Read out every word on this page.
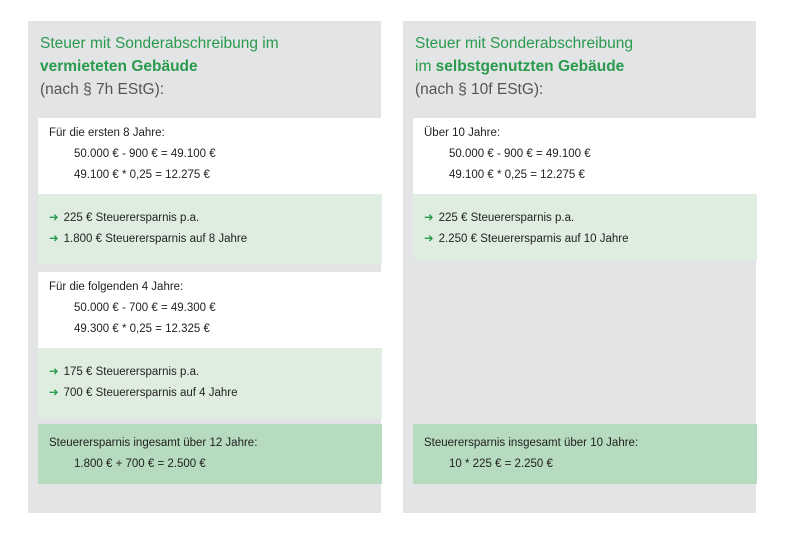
Steuer mit Sonderabschreibung im
vermieteten Gebäude
(nach § 7h EStG):
Für die ersten 8 Jahre:
50.000 € - 900 € = 49.100 €
49.100 € * 0,25 = 12.275 €
➜ 225 € Steuerersparnis p.a.
➜ 1.800 € Steuerersparnis auf 8 Jahre
Für die folgenden 4 Jahre:
50.000 € - 700 € = 49.300 €
49.300 € * 0,25 = 12.325 €
➜ 175 € Steuerersparnis p.a.
➜ 700 € Steuerersparnis auf 4 Jahre
Steuerersparnis ingesamt über 12 Jahre:
1.800 € + 700 € = 2.500 €
Steuer mit Sonderabschreibung
im selbstgenutzten Gebäude
(nach § 10f EStG):
Über 10 Jahre:
50.000 € - 900 € = 49.100 €
49.100 € * 0,25 = 12.275 €
➜ 225 € Steuerersparnis p.a.
➜ 2.250 € Steuerersparnis auf 10 Jahre
Steuerersparnis insgesamt über 10 Jahre:
10 * 225 € = 2.250 €
